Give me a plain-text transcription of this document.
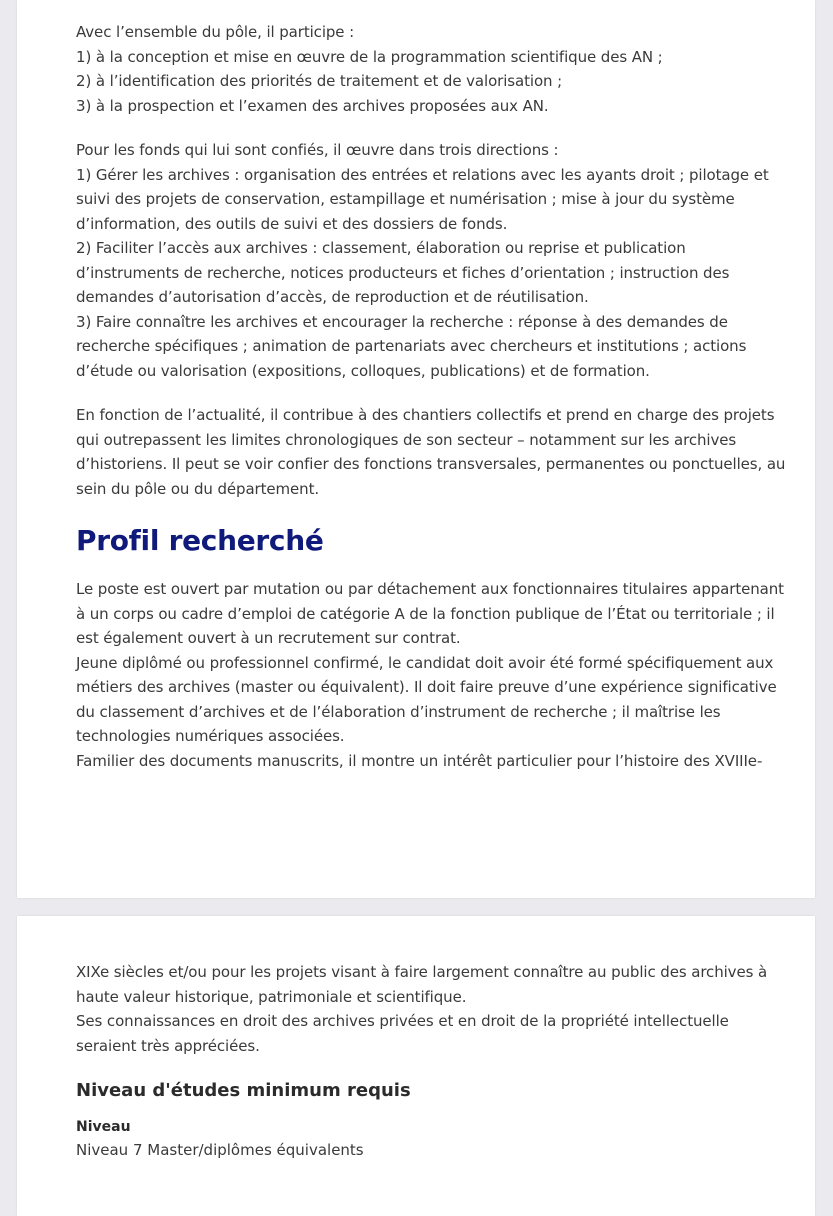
Avec l’ensemble du pôle, il participe :
1) à la conception et mise en œuvre de la programmation scientifique des AN ;
2) à l’identification des priorités de traitement et de valorisation ;
3) à la prospection et l’examen des archives proposées aux AN.

Pour les fonds qui lui sont confiés, il œuvre dans trois directions :
1) Gérer les archives : organisation des entrées et relations avec les ayants droit ; pilotage et
suivi des projets de conservation, estampillage et numérisation ; mise à jour du système
d’information, des outils de suivi et des dossiers de fonds.
2) Faciliter l’accès aux archives : classement, élaboration ou reprise et publication
d’instruments de recherche, notices producteurs et fiches d’orientation ; instruction des
demandes d’autorisation d’accès, de reproduction et de réutilisation.
3) Faire connaître les archives et encourager la recherche : réponse à des demandes de
recherche spécifiques ; animation de partenariats avec chercheurs et institutions ; actions
d’étude ou valorisation (expositions, colloques, publications) et de formation.

En fonction de l’actualité, il contribue à des chantiers collectifs et prend en charge des projets
qui outrepassent les limites chronologiques de son secteur – notamment sur les archives
d’historiens. Il peut se voir confier des fonctions transversales, permanentes ou ponctuelles, au
sein du pôle ou du département.

Profil recherché

Le poste est ouvert par mutation ou par détachement aux fonctionnaires titulaires appartenant
à un corps ou cadre d’emploi de catégorie A de la fonction publique de l’État ou territoriale ; il
est également ouvert à un recrutement sur contrat.
Jeune diplômé ou professionnel confirmé, le candidat doit avoir été formé spécifiquement aux
métiers des archives (master ou équivalent). Il doit faire preuve d’une expérience significative
du classement d’archives et de l’élaboration d’instrument de recherche ; il maîtrise les
technologies numériques associées.
Familier des documents manuscrits, il montre un intérêt particulier pour l’histoire des XVIIIe-

XIXe siècles et/ou pour les projets visant à faire largement connaître au public des archives à
haute valeur historique, patrimoniale et scientifique.
Ses connaissances en droit des archives privées et en droit de la propriété intellectuelle
seraient très appréciées.

Niveau d'études minimum requis
Niveau
Niveau 7 Master/diplômes équivalents
